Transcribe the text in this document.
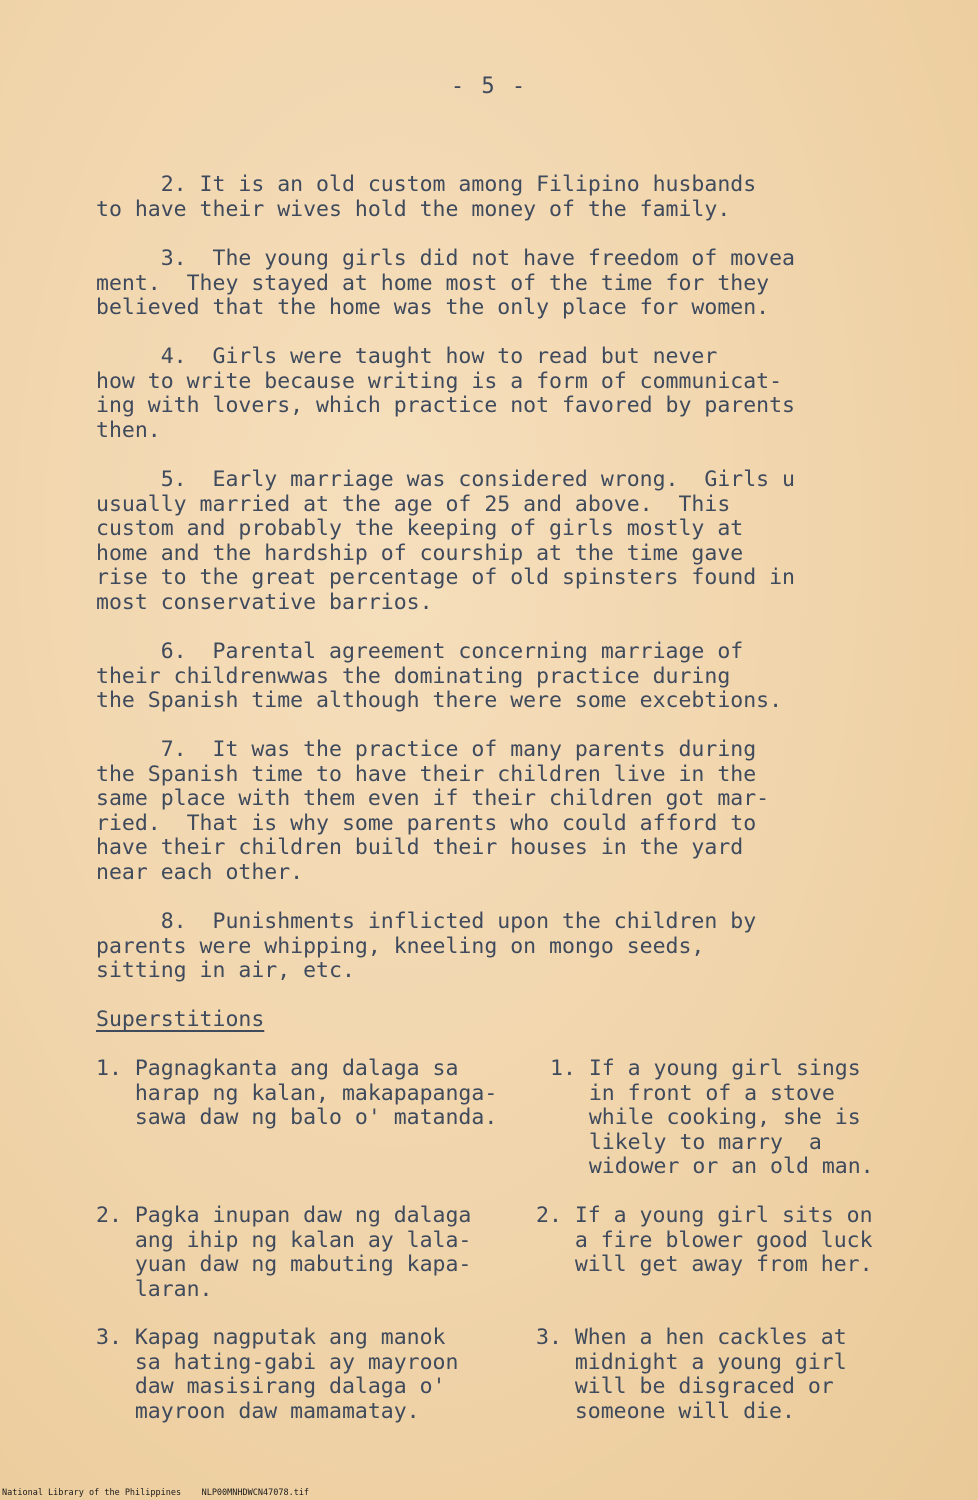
- 5 -
2. It is an old custom among Filipino husbands
to have their wives hold the money of the family.
3.  The young girls did not have freedom of movea
ment.  They stayed at home most of the time for they
believed that the home was the only place for women.
4.  Girls were taught how to read but never
how to write because writing is a form of communicat-
ing with lovers, which practice not favored by parents
then.
5.  Early marriage was considered wrong.  Girls u
usually married at the age of 25 and above.  This
custom and probably the keeping of girls mostly at
home and the hardship of courship at the time gave
rise to the great percentage of old spinsters found in
most conservative barrios.
6.  Parental agreement concerning marriage of
their childrenwwas the dominating practice during
the Spanish time although there were some excebtions.
7.  It was the practice of many parents during
the Spanish time to have their children live in the
same place with them even if their children got mar-
ried.  That is why some parents who could afford to
have their children build their houses in the yard
near each other.
8.  Punishments inflicted upon the children by
parents were whipping, kneeling on mongo seeds,
sitting in air, etc.
Superstitions
1. Pagnagkanta ang dalaga sa
harap ng kalan, makapapanga-
sawa daw ng balo o' matanda.
1. If a young girl sings
in front of a stove
while cooking, she is
likely to marry  a
widower or an old man.
2. Pagka inupan daw ng dalaga
ang ihip ng kalan ay lala-
yuan daw ng mabuting kapa-
laran.
2. If a young girl sits on
a fire blower good luck
will get away from her.
3. Kapag nagputak ang manok
sa hating-gabi ay mayroon
daw masisirang dalaga o'
mayroon daw mamamatay.
3. When a hen cackles at
midnight a young girl
will be disgraced or
someone will die.
National Library of the Philippines    NLP00MNHDWCN47078.tif
